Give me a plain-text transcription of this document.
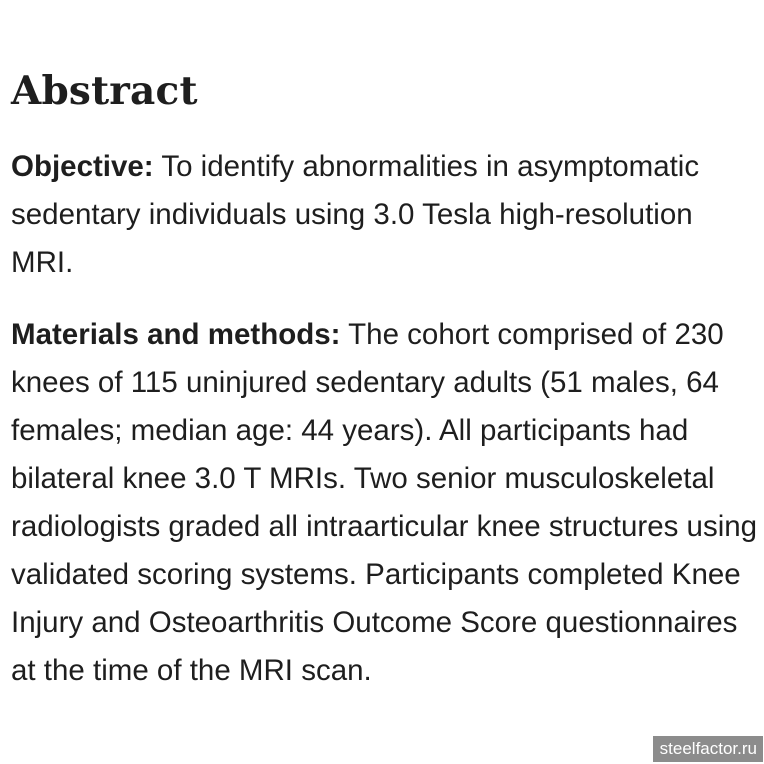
Abstract

Objective: To identify abnormalities in asymptomatic sedentary individuals using 3.0 Tesla high-resolution MRI.

Materials and methods: The cohort comprised of 230 knees of 115 uninjured sedentary adults (51 males, 64 females; median age: 44 years). All participants had bilateral knee 3.0 T MRIs. Two senior musculoskeletal radiologists graded all intraarticular knee structures using validated scoring systems. Participants completed Knee Injury and Osteoarthritis Outcome Score questionnaires at the time of the MRI scan.

steelfactor.ru
